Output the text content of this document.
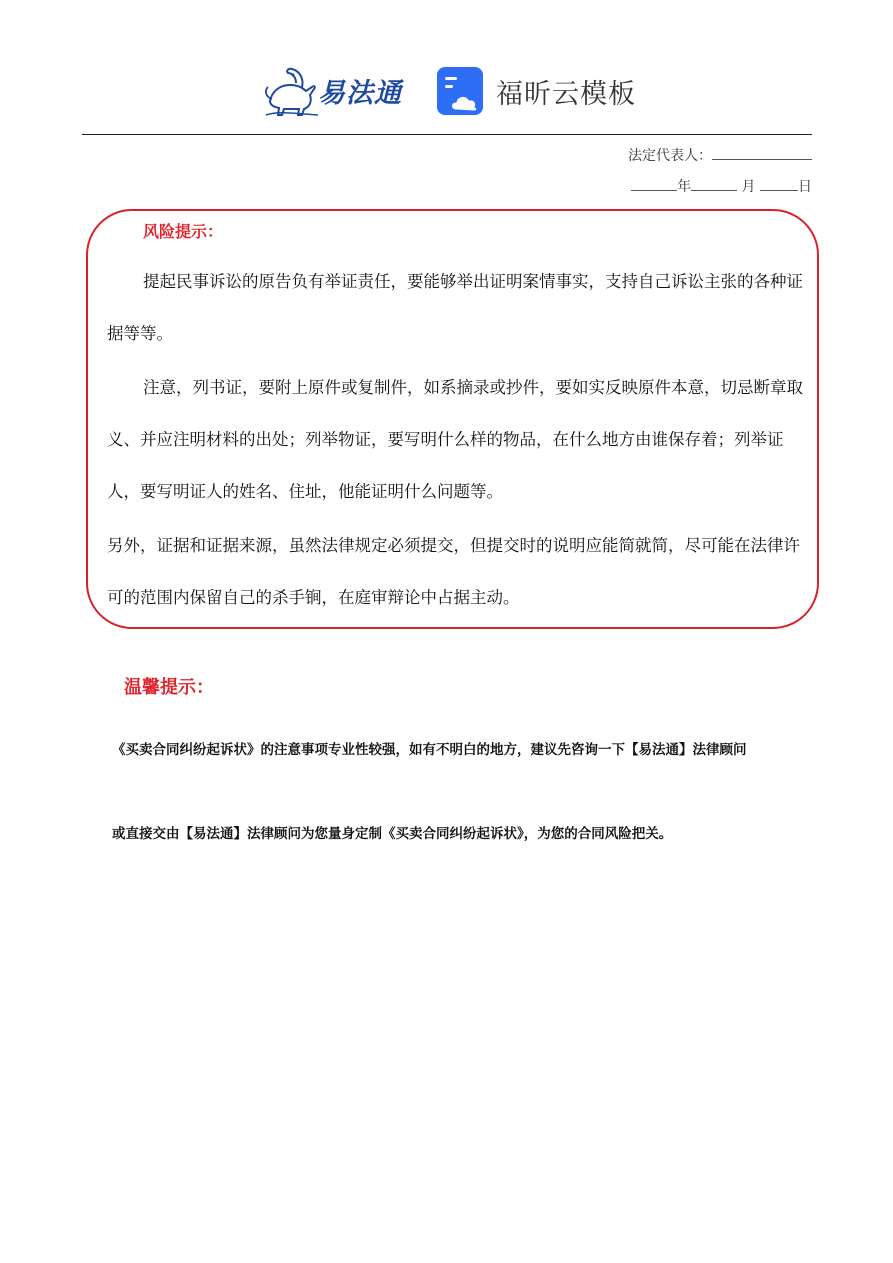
易法通	福昕云模板
法定代表人：
年	月	日
风险提示：

提起民事诉讼的原告负有举证责任，要能够举出证明案情事实，支持自己诉讼主张的各种证据等等。

注意，列书证，要附上原件或复制件，如系摘录或抄件，要如实反映原件本意，切忌断章取义、并应注明材料的出处；列举物证，要写明什么样的物品，在什么地方由谁保存着；列举证人，要写明证人的姓名、住址，他能证明什么问题等。

另外，证据和证据来源，虽然法律规定必须提交，但提交时的说明应能简就简，尽可能在法律许可的范围内保留自己的杀手锏，在庭审辩论中占据主动。

温馨提示：

《买卖合同纠纷起诉状》的注意事项专业性较强，如有不明白的地方，建议先咨询一下【易法通】法律顾问

或直接交由【易法通】法律顾问为您量身定制《买卖合同纠纷起诉状》，为您的合同风险把关。
